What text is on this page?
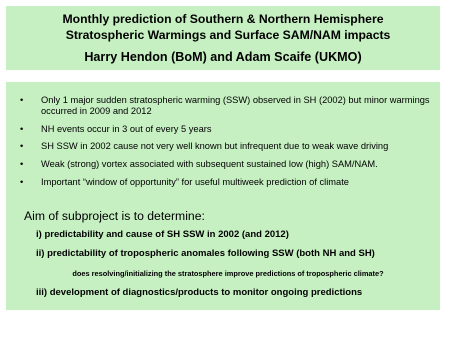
Monthly prediction of Southern & Northern Hemisphere
Stratospheric Warmings and Surface SAM/NAM impacts
Harry Hendon (BoM) and Adam Scaife (UKMO)
• Only 1 major sudden stratospheric warming (SSW) observed in SH (2002) but minor warmings occurred in 2009 and 2012
• NH events occur in 3 out of every 5 years
• SH SSW in 2002 cause not very well known but infrequent due to weak wave driving
• Weak (strong) vortex associated with subsequent sustained low (high) SAM/NAM.
• Important “window of opportunity” for useful multiweek prediction of climate
Aim of subproject is to determine:
i) predictability and cause of SH SSW in 2002 (and 2012)
ii) predictability of tropospheric anomales following SSW (both NH and SH)
does resolving/initializing the stratosphere improve predictions of tropospheric climate?
iii) development of diagnostics/products to monitor ongoing predictions
